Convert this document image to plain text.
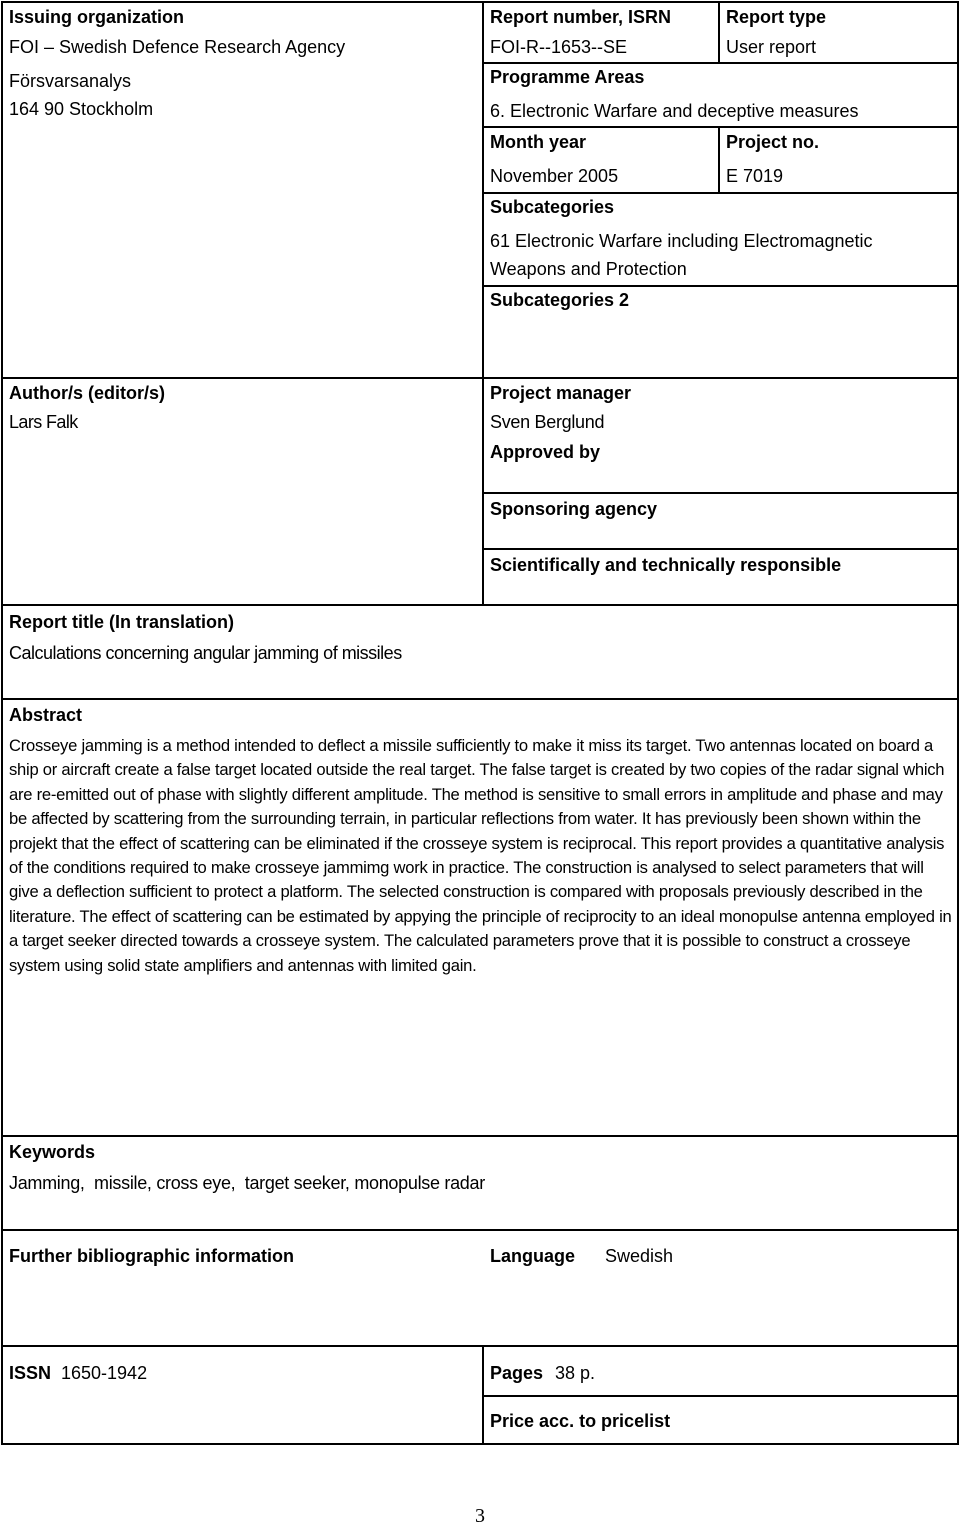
Issuing organization
FOI – Swedish Defence Research Agency
Försvarsanalys
164 90 Stockholm
Report number, ISRN
FOI-R--1653--SE
Report type
User report
Programme Areas
6. Electronic Warfare and deceptive measures
Month year
November 2005
Project no.
E 7019
Subcategories
61 Electronic Warfare including Electromagnetic
Weapons and Protection
Subcategories 2
Author/s (editor/s)
Lars Falk
Project manager
Sven Berglund
Approved by
Sponsoring agency
Scientifically and technically responsible
Report title (In translation)
Calculations concerning angular jamming of missiles
Abstract
Crosseye jamming is a method intended to deflect a missile sufficiently to make it miss its target. Two antennas located on board a ship or aircraft create a false target located outside the real target. The false target is created by two copies of the radar signal which are re-emitted out of phase with slightly different amplitude. The method is sensitive to small errors in amplitude and phase and may be affected by scattering from the surrounding terrain, in particular reflections from water. It has previously been shown within the projekt that the effect of scattering can be eliminated if the crosseye system is reciprocal. This report provides a quantitative analysis of the conditions required to make crosseye jammimg work in practice. The construction is analysed to select parameters that will give a deflection sufficient to protect a platform. The selected construction is compared with proposals previously described in the literature. The effect of scattering can be estimated by appying the principle of reciprocity to an ideal monopulse antenna employed in a target seeker directed towards a crosseye system. The calculated parameters prove that it is possible to construct a crosseye system using solid state amplifiers and antennas with limited gain.
Keywords
Jamming,  missile, cross eye,  target seeker, monopulse radar
Further bibliographic information	Language Swedish
ISSN 1650-1942	Pages 38 p.
Price acc. to pricelist
3
